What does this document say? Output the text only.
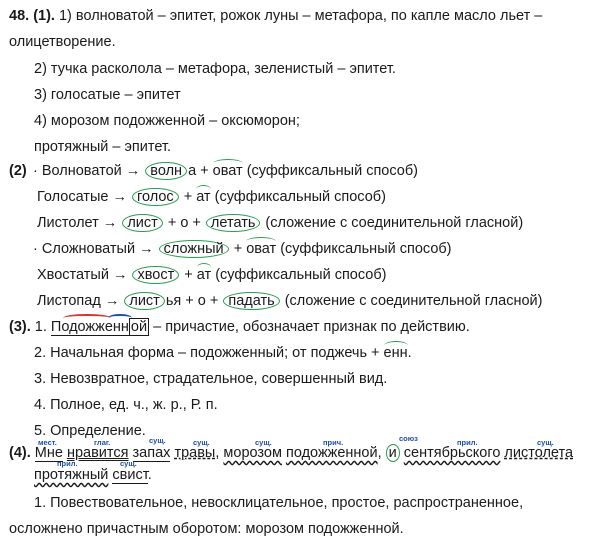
48. (1). 1) волноватой – эпитет, рожок луны – метафора, по капле масло льет –
олицетворение.
2) тучка расколола – метафора, зеленистый – эпитет.
3) голосатые – эпитет
4) морозом подожженной – оксюморон;
протяжный – эпитет.
(2) · Волноватой → волн а + оват (суффиксальный способ)
Голосатые → голос + ат (суффиксальный способ)
Листолет → лист + о + летать (сложение с соединительной гласной)
· Сложноватый → сложный + оват (суффиксальный способ)
Хвостатый → хвост + ат (суффиксальный способ)
Листопад → лист ья + о + падать (сложение с соединительной гласной)
(3). 1. Подожженн ой – причастие, обозначает признак по действию.
2. Начальная форма – подожженный; от поджечь + енн.
3. Невозвратное, страдательное, совершенный вид.
4. Полное, ед. ч., ж. р., Р. п.
5. Определение.
мест.	глаг.	сущ.	сущ.	сущ.	прич.	союз	прил.	сущ.
прил.	сущ.
(4). Мне нравится запах травы, морозом подожженной, и сентябрьского листолета
протяжный свист.
1. Повествовательное, невосклицательное, простое, распространенное,
осложнено причастным оборотом: морозом подожженной.
